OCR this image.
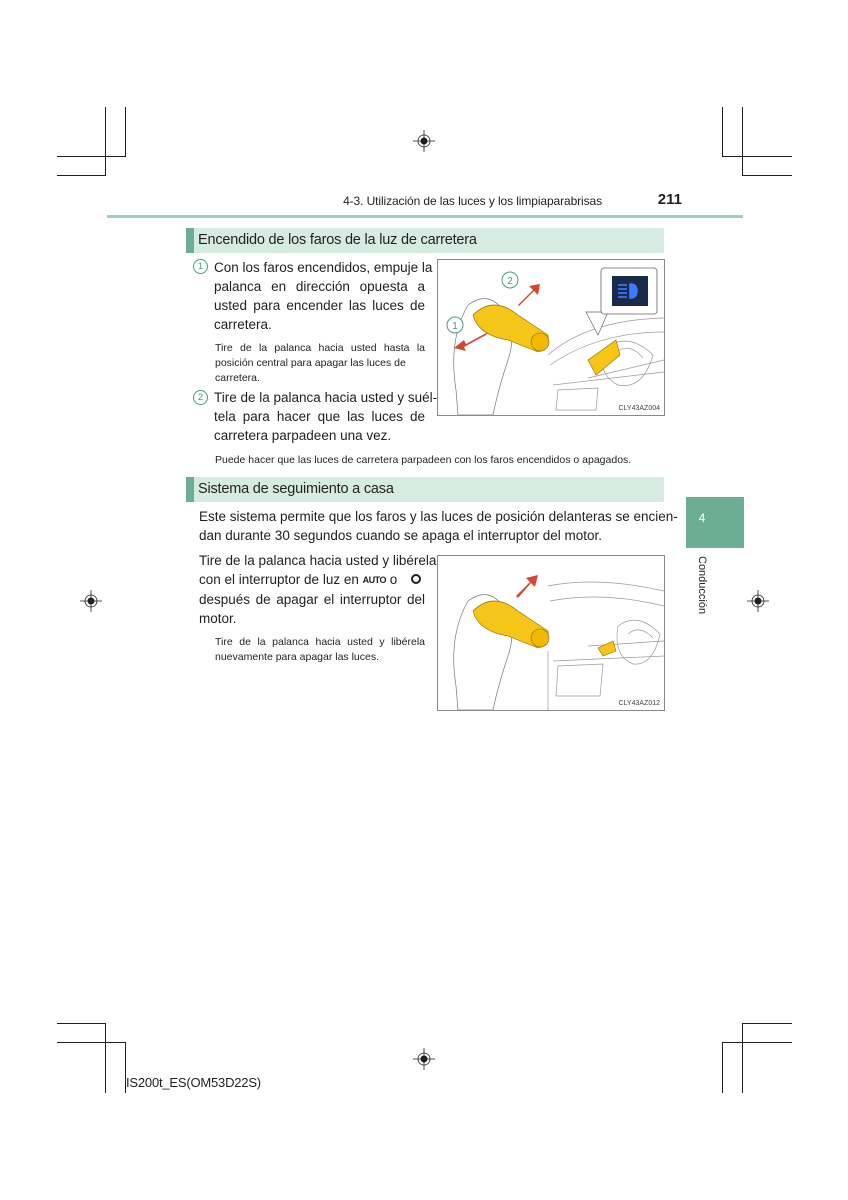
4-3. Utilización de las luces y los limpiaparabrisas	211
Encendido de los faros de la luz de carretera
1 Con los faros encendidos, empuje la
palanca en dirección opuesta a
usted para encender las luces de
carretera.
Tire de la palanca hacia usted hasta la
posición central para apagar las luces de
carretera.
2 Tire de la palanca hacia usted y suél-
tela para hacer que las luces de
carretera parpadeen una vez.
Puede hacer que las luces de carretera parpadeen con los faros encendidos o apagados.
2
1
CLY43AZ004
Sistema de seguimiento a casa
Este sistema permite que los faros y las luces de posición delanteras se encien-
dan durante 30 segundos cuando se apaga el interruptor del motor.
Tire de la palanca hacia usted y libérela
con el interruptor de luz en AUTO o
después de apagar el interruptor del
motor.
Tire de la palanca hacia usted y libérela
nuevamente para apagar las luces.
CLY43AZ012
4
Conducción
IS200t_ES(OM53D22S)
